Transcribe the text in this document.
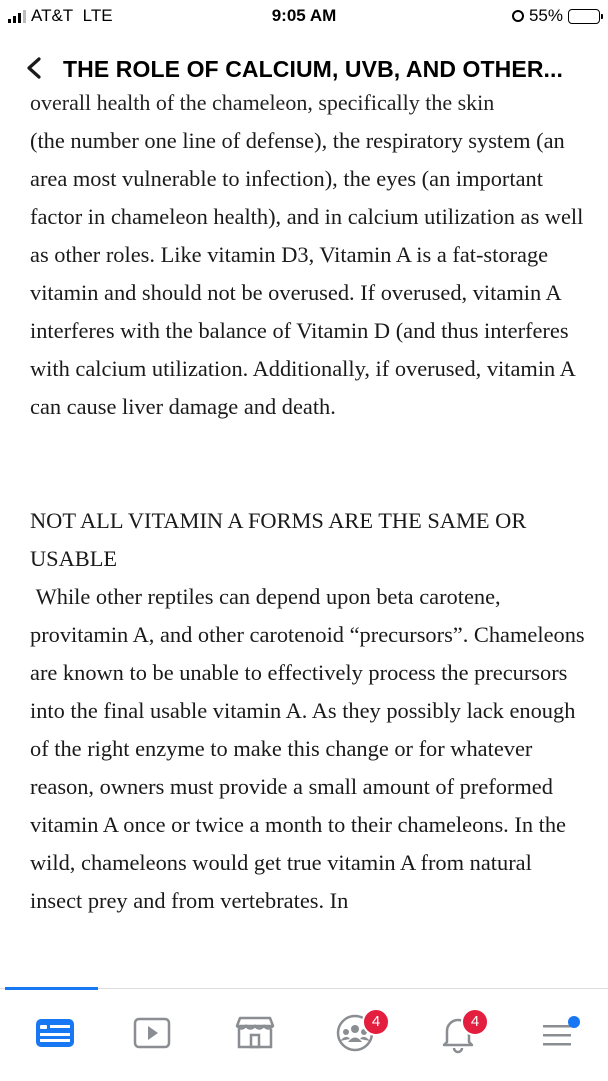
AT&T
LTE	9:05 AM	55%
THE ROLE OF CALCIUM, UVB, AND OTHER...
overall health of the chameleon, specifically the skin

(the number one line of defense), the respiratory system (an area most vulnerable to infection), the eyes (an important factor in chameleon health), and in calcium utilization as well as other roles. Like vitamin D3, Vitamin A is a fat-storage vitamin and should not be overused. If overused, vitamin A interferes with the balance of Vitamin D (and thus interferes with calcium utilization. Additionally, if overused, vitamin A can cause liver damage and death.

NOT ALL VITAMIN A FORMS ARE THE SAME OR USABLE

While other reptiles can depend upon beta carotene, provitamin A, and other carotenoid “precursors”. Chameleons are known to be unable to effectively process the precursors into the final usable vitamin A. As they possibly lack enough of the right enzyme to make this change or for whatever reason, owners must provide a small amount of preformed vitamin A once or twice a month to their chameleons. In the wild, chameleons would get true vitamin A from natural insect prey and from vertebrates. In

4	4
